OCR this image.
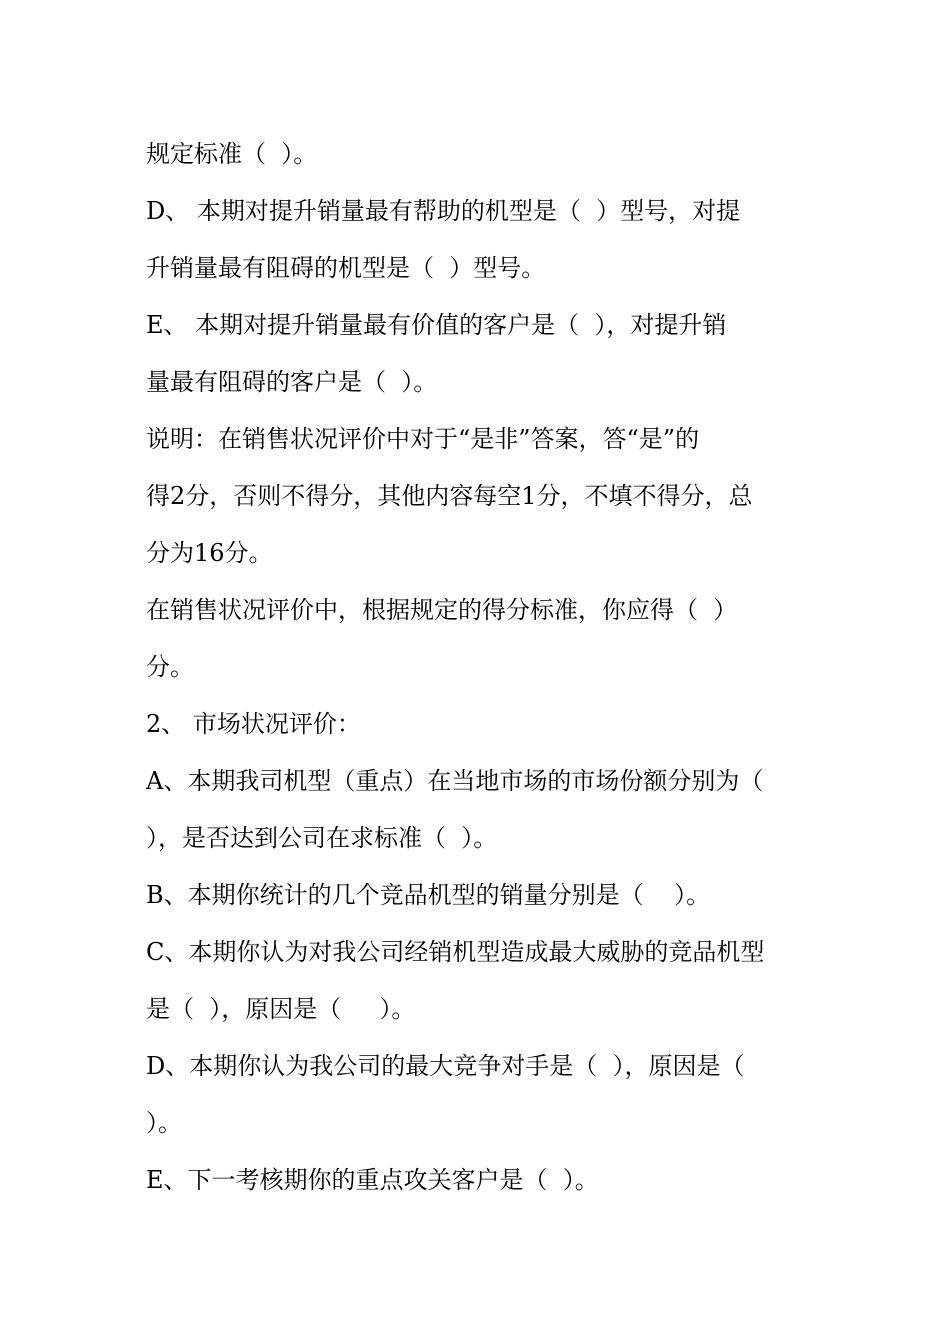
规定标准（  ）。
D、 本期对提升销量最有帮助的机型是（  ）型号，对提
升销量最有阻碍的机型是（  ）型号。
E、 本期对提升销量最有价值的客户是（  ），对提升销
量最有阻碍的客户是（  ）。
说明：在销售状况评价中对于“是非”答案，答“是”的
得2分，否则不得分，其他内容每空1分，不填不得分，总
分为16分。
在销售状况评价中，根据规定的得分标准，你应得（  ）
分。
2、 市场状况评价：
A、本期我司机型（重点）在当地市场的市场份额分别为（
），是否达到公司在求标准（  ）。
B、本期你统计的几个竞品机型的销量分别是（    ）。
C、本期你认为对我公司经销机型造成最大威胁的竞品机型
是（  ），原因是（     ）。
D、本期你认为我公司的最大竞争对手是（  ），原因是（
）。
E、下一考核期你的重点攻关客户是（  ）。
